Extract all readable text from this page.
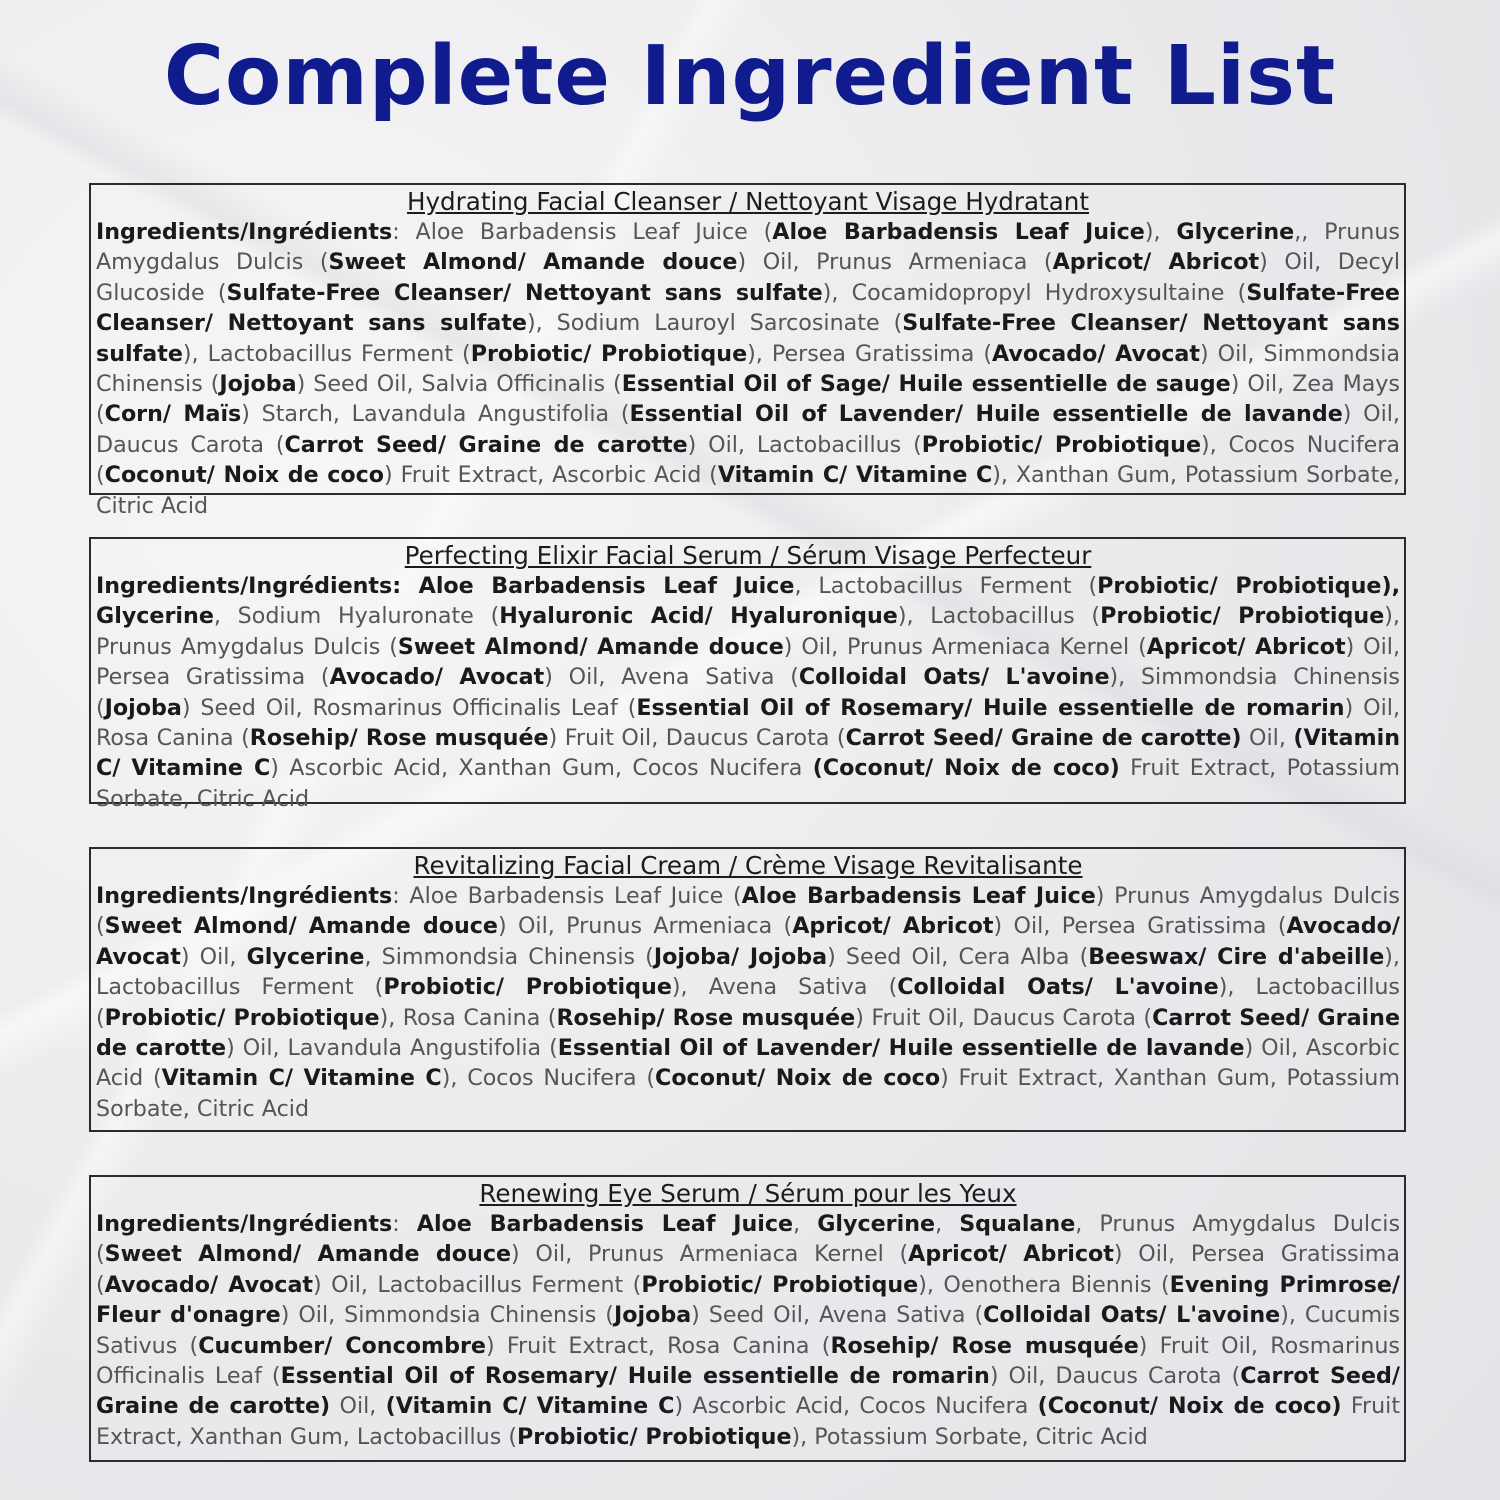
Complete Ingredient List

Hydrating Facial Cleanser / Nettoyant Visage Hydratant

Ingredients/Ingrédients: Aloe Barbadensis Leaf Juice (Aloe Barbadensis Leaf Juice), Glycerine,, Prunus Amygdalus Dulcis (Sweet Almond/ Amande douce) Oil, Prunus Armeniaca (Apricot/ Abricot) Oil, Decyl Glucoside (Sulfate-Free Cleanser/ Nettoyant sans sulfate), Cocamidopropyl Hydroxysultaine (Sulfate-Free Cleanser/ Nettoyant sans sulfate), Sodium Lauroyl Sarcosinate (Sulfate-Free Cleanser/ Nettoyant sans sulfate), Lactobacillus Ferment (Probiotic/ Probiotique), Persea Gratissima (Avocado/ Avocat) Oil, Simmondsia Chinensis (Jojoba) Seed Oil, Salvia Officinalis (Essential Oil of Sage/ Huile essentielle de sauge) Oil, Zea Mays (Corn/ Maïs) Starch, Lavandula Angustifolia (Essential Oil of Lavender/ Huile essentielle de lavande) Oil, Daucus Carota (Carrot Seed/ Graine de carotte) Oil, Lactobacillus (Probiotic/ Probiotique), Cocos Nucifera (Coconut/ Noix de coco) Fruit Extract, Ascorbic Acid (Vitamin C/ Vitamine C), Xanthan Gum, Potassium Sorbate, Citric Acid

Perfecting Elixir Facial Serum / Sérum Visage Perfecteur

Ingredients/Ingrédients: Aloe Barbadensis Leaf Juice, Lactobacillus Ferment (Probiotic/ Probiotique), Glycerine, Sodium Hyaluronate (Hyaluronic Acid/ Hyaluronique), Lactobacillus (Probiotic/ Probiotique), Prunus Amygdalus Dulcis (Sweet Almond/ Amande douce) Oil, Prunus Armeniaca Kernel (Apricot/ Abricot) Oil, Persea Gratissima (Avocado/ Avocat) Oil, Avena Sativa (Colloidal Oats/ L'avoine), Simmondsia Chinensis (Jojoba) Seed Oil, Rosmarinus Officinalis Leaf (Essential Oil of Rosemary/ Huile essentielle de romarin) Oil, Rosa Canina (Rosehip/ Rose musquée) Fruit Oil, Daucus Carota (Carrot Seed/ Graine de carotte) Oil, (Vitamin C/ Vitamine C) Ascorbic Acid, Xanthan Gum, Cocos Nucifera (Coconut/ Noix de coco) Fruit Extract, Potassium Sorbate, Citric Acid

Revitalizing Facial Cream / Crème Visage Revitalisante

Ingredients/Ingrédients: Aloe Barbadensis Leaf Juice (Aloe Barbadensis Leaf Juice) Prunus Amygdalus Dulcis (Sweet Almond/ Amande douce) Oil, Prunus Armeniaca (Apricot/ Abricot) Oil, Persea Gratissima (Avocado/ Avocat) Oil, Glycerine, Simmondsia Chinensis (Jojoba/ Jojoba) Seed Oil, Cera Alba (Beeswax/ Cire d'abeille), Lactobacillus Ferment (Probiotic/ Probiotique), Avena Sativa (Colloidal Oats/ L'avoine), Lactobacillus (Probiotic/ Probiotique), Rosa Canina (Rosehip/ Rose musquée) Fruit Oil, Daucus Carota (Carrot Seed/ Graine de carotte) Oil, Lavandula Angustifolia (Essential Oil of Lavender/ Huile essentielle de lavande) Oil, Ascorbic Acid (Vitamin C/ Vitamine C), Cocos Nucifera (Coconut/ Noix de coco) Fruit Extract, Xanthan Gum, Potassium Sorbate, Citric Acid

Renewing Eye Serum / Sérum pour les Yeux

Ingredients/Ingrédients: Aloe Barbadensis Leaf Juice, Glycerine, Squalane, Prunus Amygdalus Dulcis (Sweet Almond/ Amande douce) Oil, Prunus Armeniaca Kernel (Apricot/ Abricot) Oil, Persea Gratissima (Avocado/ Avocat) Oil, Lactobacillus Ferment (Probiotic/ Probiotique), Oenothera Biennis (Evening Primrose/ Fleur d'onagre) Oil, Simmondsia Chinensis (Jojoba) Seed Oil, Avena Sativa (Colloidal Oats/ L'avoine), Cucumis Sativus (Cucumber/ Concombre) Fruit Extract, Rosa Canina (Rosehip/ Rose musquée) Fruit Oil, Rosmarinus Officinalis Leaf (Essential Oil of Rosemary/ Huile essentielle de romarin) Oil, Daucus Carota (Carrot Seed/ Graine de carotte) Oil, (Vitamin C/ Vitamine C) Ascorbic Acid, Cocos Nucifera (Coconut/ Noix de coco) Fruit Extract, Xanthan Gum, Lactobacillus (Probiotic/ Probiotique), Potassium Sorbate, Citric Acid
